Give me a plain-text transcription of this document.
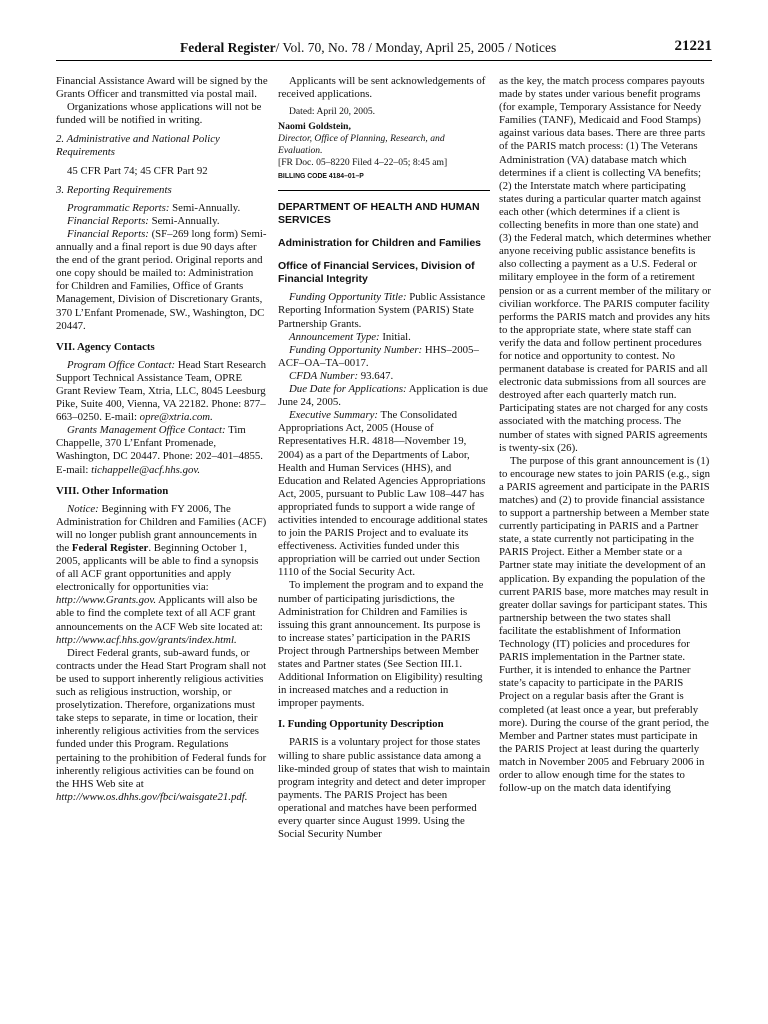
Federal Register/ Vol. 70, No. 78 / Monday, April 25, 2005 / Notices	21221

Financial Assistance Award will be signed by the Grants Officer and transmitted via postal mail.

Organizations whose applications will not be funded will be notified in writing.

2. Administrative and National Policy Requirements

45 CFR Part 74; 45 CFR Part 92

3. Reporting Requirements

Programmatic Reports: Semi-Annually.

Financial Reports: Semi-Annually.

Financial Reports: (SF–269 long form) Semi-annually and a final report is due 90 days after the end of the grant period. Original reports and one copy should be mailed to: Administration for Children and Families, Office of Grants Management, Division of Discretionary Grants, 370 L’Enfant Promenade, SW., Washington, DC 20447.

VII. Agency Contacts

Program Office Contact: Head Start Research Support Technical Assistance Team, OPRE Grant Review Team, Xtria, LLC, 8045 Leesburg Pike, Suite 400, Vienna, VA 22182. Phone: 877–663–0250. E-mail: opre@xtria.com.

Grants Management Office Contact: Tim Chappelle, 370 L’Enfant Promenade, Washington, DC 20447. Phone: 202–401–4855. E-mail: tichappelle@acf.hhs.gov.

VIII. Other Information

Notice: Beginning with FY 2006, The Administration for Children and Families (ACF) will no longer publish grant announcements in the Federal Register. Beginning October 1, 2005, applicants will be able to find a synopsis of all ACF grant opportunities and apply electronically for opportunities via: http://www.Grants.gov. Applicants will also be able to find the complete text of all ACF grant announcements on the ACF Web site located at: http://www.acf.hhs.gov/grants/index.html.

Direct Federal grants, sub-award funds, or contracts under the Head Start Program shall not be used to support inherently religious activities such as religious instruction, worship, or proselytization. Therefore, organizations must take steps to separate, in time or location, their inherently religious activities from the services funded under this Program. Regulations pertaining to the prohibition of Federal funds for inherently religious activities can be found on the HHS Web site at http://www.os.dhhs.gov/fbci/waisgate21.pdf.

Applicants will be sent acknowledgements of received applications.

Dated: April 20, 2005.

Naomi Goldstein,

Director, Office of Planning, Research, and Evaluation.

[FR Doc. 05–8220 Filed 4–22–05; 8:45 am]

BILLING CODE 4184–01–P

DEPARTMENT OF HEALTH AND HUMAN SERVICES

Administration for Children and Families

Office of Financial Services, Division of Financial Integrity

Funding Opportunity Title: Public Assistance Reporting Information System (PARIS) State Partnership Grants.

Announcement Type: Initial.

Funding Opportunity Number: HHS–2005–ACF–OA–TA–0017.

CFDA Number: 93.647.

Due Date for Applications: Application is due June 24, 2005.

Executive Summary: The Consolidated Appropriations Act, 2005 (House of Representatives H.R. 4818—November 19, 2004) as a part of the Departments of Labor, Health and Human Services (HHS), and Education and Related Agencies Appropriations Act, 2005, pursuant to Public Law 108–447 has appropriated funds to support a wide range of activities intended to encourage additional states to join the PARIS Project and to evaluate its effectiveness. Activities funded under this appropriation will be carried out under Section 1110 of the Social Security Act.

To implement the program and to expand the number of participating jurisdictions, the Administration for Children and Families is issuing this grant announcement. Its purpose is to increase states’ participation in the PARIS Project through Partnerships between Member states and Partner states (See Section III.1. Additional Information on Eligibility) resulting in increased matches and a reduction in improper payments.

I. Funding Opportunity Description

PARIS is a voluntary project for those states willing to share public assistance data among a like-minded group of states that wish to maintain program integrity and detect and deter improper payments. The PARIS Project has been operational and matches have been performed every quarter since August 1999. Using the Social Security Number

as the key, the match process compares payouts made by states under various benefit programs (for example, Temporary Assistance for Needy Families (TANF), Medicaid and Food Stamps) against various data bases. There are three parts of the PARIS match process: (1) The Veterans Administration (VA) database match which determines if a client is collecting VA benefits; (2) the Interstate match where participating states during a particular quarter match against each other (which determines if a client is collecting benefits in more than one state) and (3) the Federal match, which determines whether anyone receiving public assistance benefits is also collecting a payment as a U.S. Federal or military employee in the form of a retirement pension or as a current member of the military or civilian workforce. The PARIS computer facility performs the PARIS match and provides any hits to the appropriate state, where state staff can verify the data and follow pertinent procedures for notice and opportunity to contest. No permanent database is created for PARIS and all electronic data submissions from all sources are destroyed after each quarterly match run. Participating states are not charged for any costs associated with the matching process. The number of states with signed PARIS agreements is twenty-six (26).

The purpose of this grant announcement is (1) to encourage new states to join PARIS (e.g., sign a PARIS agreement and participate in the PARIS matches) and (2) to provide financial assistance to support a partnership between a Member state currently participating in PARIS and a Partner state, a state currently not participating in the PARIS Project. Either a Member state or a Partner state may initiate the development of an application. By expanding the population of the current PARIS base, more matches may result in greater dollar savings for participant states. This partnership between the two states shall facilitate the establishment of Information Technology (IT) policies and procedures for PARIS implementation in the Partner state. Further, it is intended to enhance the Partner state’s capacity to participate in the PARIS Project on a regular basis after the Grant is completed (at least once a year, but preferably more). During the course of the grant period, the Member and Partner states must participate in the PARIS Project at least during the quarterly match in November 2005 and February 2006 in order to allow enough time for the states to follow-up on the match data identifying
